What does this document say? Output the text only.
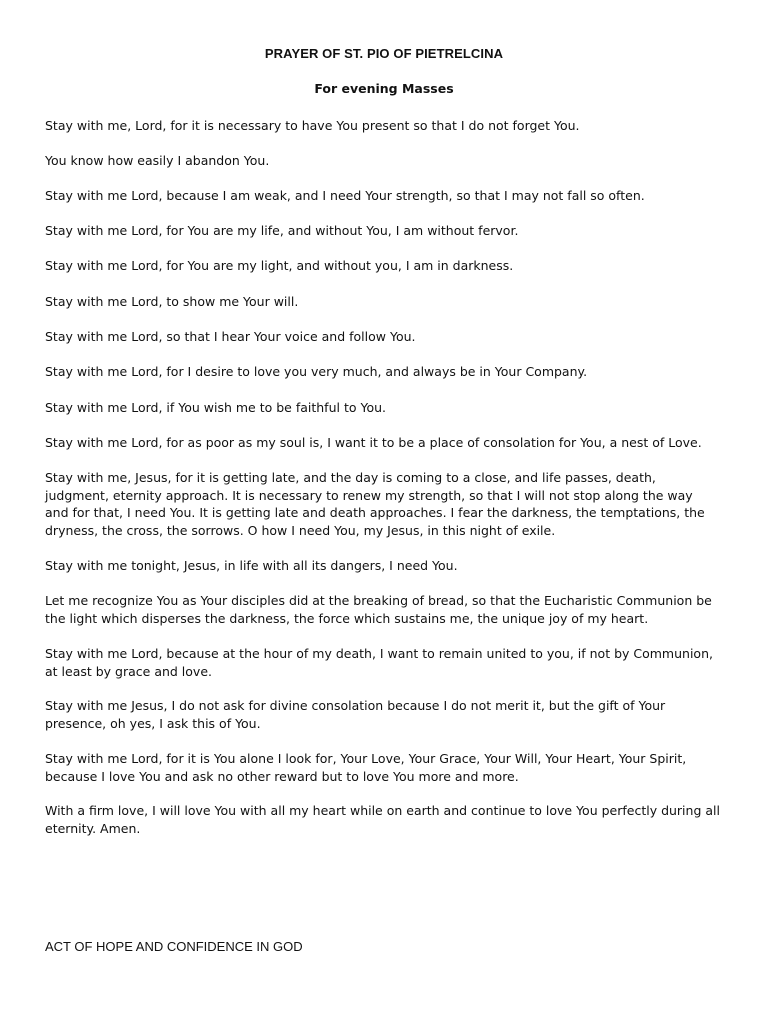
PRAYER OF ST. PIO OF PIETRELCINA
For evening Masses

Stay with me, Lord, for it is necessary to have You present so that I do not forget You.

You know how easily I abandon You.

Stay with me Lord, because I am weak, and I need Your strength, so that I may not fall so often.

Stay with me Lord, for You are my life, and without You, I am without fervor.

Stay with me Lord, for You are my light, and without you, I am in darkness.

Stay with me Lord, to show me Your will.

Stay with me Lord, so that I hear Your voice and follow You.

Stay with me Lord, for I desire to love you very much, and always be in Your Company.

Stay with me Lord, if You wish me to be faithful to You.

Stay with me Lord, for as poor as my soul is, I want it to be a place of consolation for You, a nest of Love.

Stay with me, Jesus, for it is getting late, and the day is coming to a close, and life passes, death,
judgment, eternity approach. It is necessary to renew my strength, so that I will not stop along the way
and for that, I need You. It is getting late and death approaches. I fear the darkness, the temptations, the
dryness, the cross, the sorrows. O how I need You, my Jesus, in this night of exile.

Stay with me tonight, Jesus, in life with all its dangers, I need You.

Let me recognize You as Your disciples did at the breaking of bread, so that the Eucharistic Communion be
the light which disperses the darkness, the force which sustains me, the unique joy of my heart.

Stay with me Lord, because at the hour of my death, I want to remain united to you, if not by Communion,
at least by grace and love.

Stay with me Jesus, I do not ask for divine consolation because I do not merit it, but the gift of Your
presence, oh yes, I ask this of You.

Stay with me Lord, for it is You alone I look for, Your Love, Your Grace, Your Will, Your Heart, Your Spirit,
because I love You and ask no other reward but to love You more and more.

With a firm love, I will love You with all my heart while on earth and continue to love You perfectly during all
eternity. Amen.

ACT OF HOPE AND CONFIDENCE IN GOD
